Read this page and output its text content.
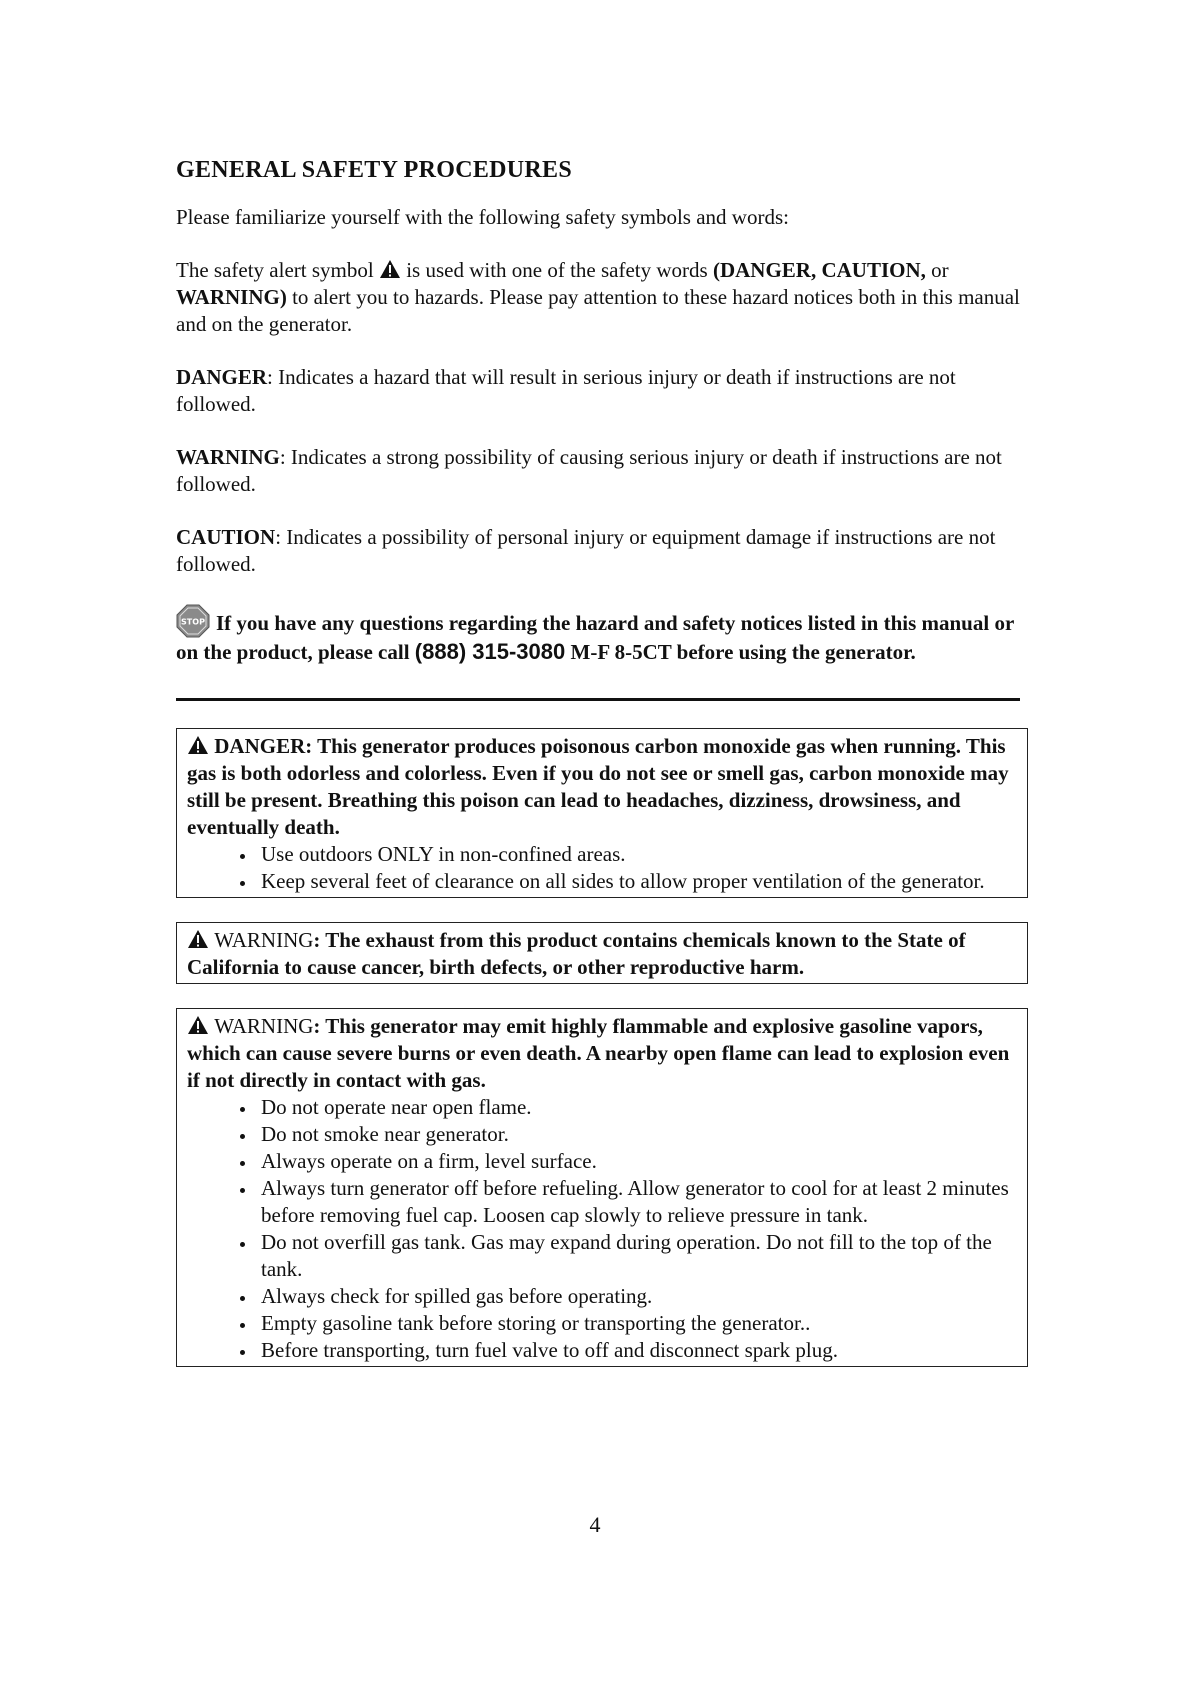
GENERAL SAFETY PROCEDURES

Please familiarize yourself with the following safety symbols and words:

The safety alert symbol is used with one of the safety words (DANGER, CAUTION, or WARNING) to alert you to hazards. Please pay attention to these hazard notices both in this manual and on the generator.

DANGER: Indicates a hazard that will result in serious injury or death if instructions are not followed.

WARNING: Indicates a strong possibility of causing serious injury or death if instructions are not followed.

CAUTION: Indicates a possibility of personal injury or equipment damage if instructions are not followed.

STOP If you have any questions regarding the hazard and safety notices listed in this manual or on the product, please call (888) 315-3080 M-F 8-5CT before using the generator.

DANGER: This generator produces poisonous carbon monoxide gas when running. This gas is both odorless and colorless. Even if you do not see or smell gas, carbon monoxide may still be present. Breathing this poison can lead to headaches, dizziness, drowsiness, and eventually death.

• Use outdoors ONLY in non-confined areas.
• Keep several feet of clearance on all sides to allow proper ventilation of the generator.

WARNING: The exhaust from this product contains chemicals known to the State of California to cause cancer, birth defects, or other reproductive harm.

WARNING: This generator may emit highly flammable and explosive gasoline vapors, which can cause severe burns or even death. A nearby open flame can lead to explosion even if not directly in contact with gas.

• Do not operate near open flame.
• Do not smoke near generator.
• Always operate on a firm, level surface.
• Always turn generator off before refueling. Allow generator to cool for at least 2 minutes before removing fuel cap. Loosen cap slowly to relieve pressure in tank.
• Do not overfill gas tank. Gas may expand during operation. Do not fill to the top of the tank.
• Always check for spilled gas before operating.
• Empty gasoline tank before storing or transporting the generator..
• Before transporting, turn fuel valve to off and disconnect spark plug.
4
